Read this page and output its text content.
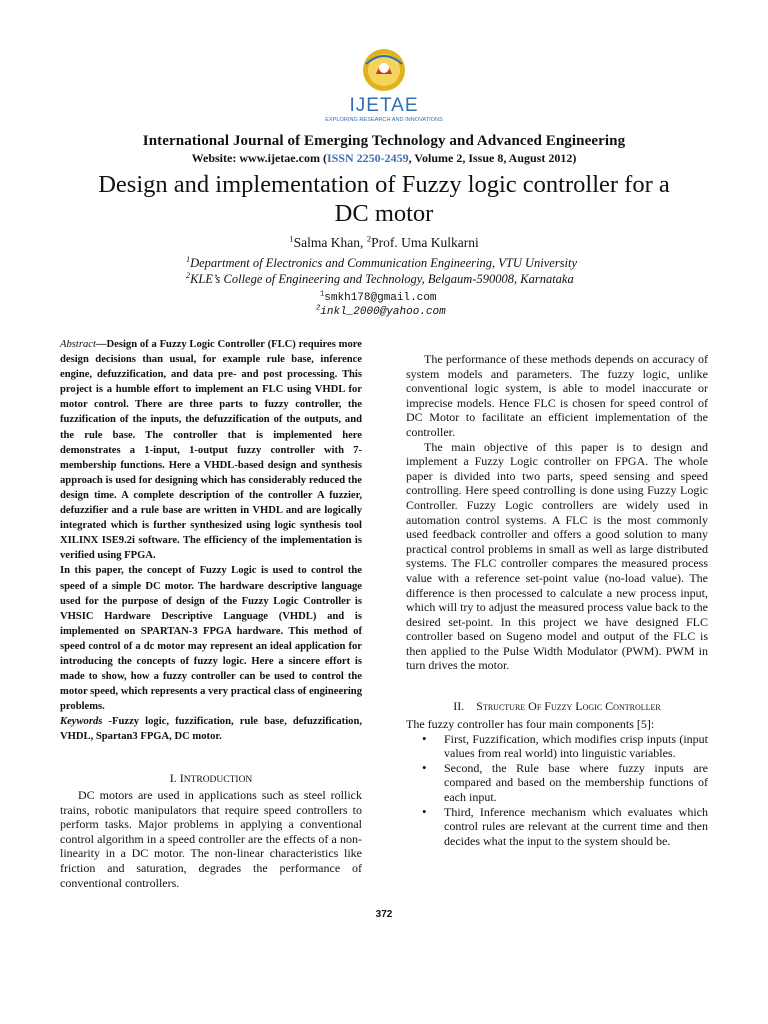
IJETAE
EXPLORING RESEARCH AND INNOVATIONS
International Journal of Emerging Technology and Advanced Engineering
Website: www.ijetae.com (ISSN 2250-2459, Volume 2, Issue 8, August 2012)
Design and implementation of Fuzzy logic controller for a
DC motor
$^1$Salma Khan, $^2$Prof. Uma Kulkarni
$^1$Department of Electronics and Communication Engineering, VTU University
$^2$KLE’s College of Engineering and Technology, Belgaum-590008, Karnataka
$^1$smkh178@gmail.com
$^2$inkl_2000@yahoo.com

Abstract—Design of a Fuzzy Logic Controller (FLC) requires more design decisions than usual, for example rule base, inference engine, defuzzification, and data pre- and post processing. This project is a humble effort to implement an FLC using VHDL for motor control. There are three parts to fuzzy controller, the fuzzification of the inputs, the defuzzification of the outputs, and the rule base. The controller that is implemented here demonstrates a 1-input, 1-output fuzzy controller with 7-membership functions. Here a VHDL-based design and synthesis approach is used for designing which has considerably reduced the design time. A complete description of the controller A fuzzier, defuzzifier and a rule base are written in VHDL and are logically integrated which is further synthesized using logic synthesis tool XILINX ISE9.2i software. The efficiency of the implementation is verified using FPGA.

In this paper, the concept of Fuzzy Logic is used to control the speed of a simple DC motor. The hardware descriptive language used for the purpose of design of the Fuzzy Logic Controller is VHSIC Hardware Descriptive Language (VHDL) and is implemented on SPARTAN-3 FPGA hardware. This method of speed control of a dc motor may represent an ideal application for introducing the concepts of fuzzy logic. Here a sincere effort is made to show, how a fuzzy controller can be used to control the motor speed, which represents a very practical class of engineering problems.

Keywords -Fuzzy logic, fuzzification, rule base, defuzzification, VHDL, Spartan3 FPGA, DC motor.

I. INTRODUCTION

DC motors are used in applications such as steel rollick trains, robotic manipulators that require speed controllers to perform tasks. Major problems in applying a conventional control algorithm in a speed controller are the effects of a non-linearity in a DC motor. The non-linear characteristics like friction and saturation, degrades the performance of conventional controllers.

The performance of these methods depends on accuracy of system models and parameters. The fuzzy logic, unlike conventional logic system, is able to model inaccurate or imprecise models. Hence FLC is chosen for speed control of DC Motor to facilitate an efficient implementation of the controller.

The main objective of this paper is to design and implement a Fuzzy Logic controller on FPGA. The whole paper is divided into two parts, speed sensing and speed controlling. Here speed controlling is done using Fuzzy Logic Controller. Fuzzy Logic controllers are widely used in automation control systems. A FLC is the most commonly used feedback controller and offers a good solution to many practical control problems in small as well as large distributed systems. The FLC controller compares the measured process value with a reference set-point value (no-load value). The difference is then processed to calculate a new process input, which will try to adjust the measured process value back to the desired set-point. In this project we have designed FLC controller based on Sugeno model and output of the FLC is then applied to the Pulse Width Modulator (PWM). PWM in turn drives the motor.

II.    Structure Of Fuzzy Logic Controller

The fuzzy controller has four main components [5]:

• First, Fuzzification, which modifies crisp inputs (input values from real world) into linguistic variables.
• Second, the Rule base where fuzzy inputs are compared and based on the membership functions of each input.
• Third, Inference mechanism which evaluates which control rules are relevant at the current time and then decides what the input to the system should be.
372
